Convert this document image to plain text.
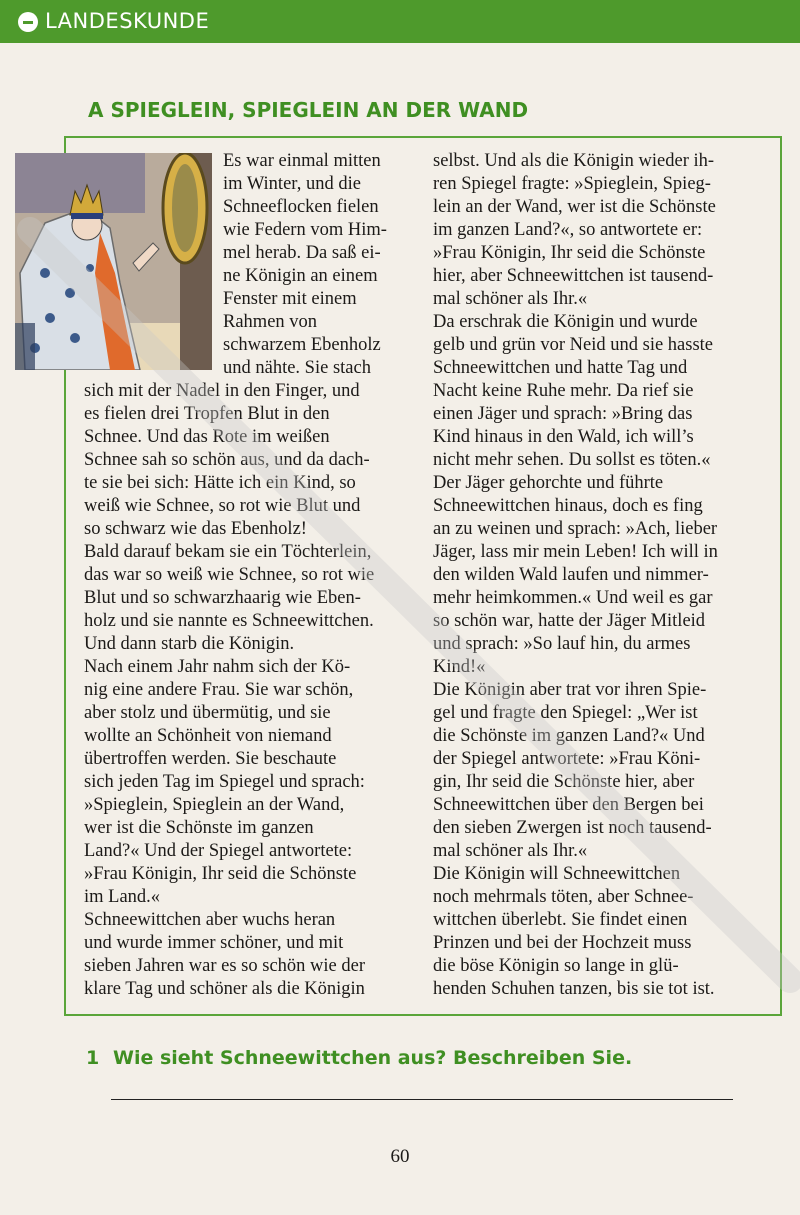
LANDESKUNDE
A SPIEGLEIN, SPIEGLEIN AN DER WAND
Es war einmal mitten
im Winter, und die
Schneeflocken fielen
wie Federn vom Him-
mel herab. Da saß ei-
ne Königin an einem
Fenster mit einem
Rahmen von
schwarzem Ebenholz
und nähte. Sie stach
sich mit der Nadel in den Finger, und
es fielen drei Tropfen Blut in den
Schnee. Und das Rote im weißen
Schnee sah so schön aus, und da dach-
te sie bei sich: Hätte ich ein Kind, so
weiß wie Schnee, so rot wie Blut und
so schwarz wie das Ebenholz!
Bald darauf bekam sie ein Töchterlein,
das war so weiß wie Schnee, so rot wie
Blut und so schwarzhaarig wie Eben-
holz und sie nannte es Schneewittchen.
Und dann starb die Königin.
Nach einem Jahr nahm sich der Kö-
nig eine andere Frau. Sie war schön,
aber stolz und übermütig, und sie
wollte an Schönheit von niemand
übertroffen werden. Sie beschaute
sich jeden Tag im Spiegel und sprach:
»Spieglein, Spieglein an der Wand,
wer ist die Schönste im ganzen
Land?« Und der Spiegel antwortete:
»Frau Königin, Ihr seid die Schönste
im Land.«
Schneewittchen aber wuchs heran
und wurde immer schöner, und mit
sieben Jahren war es so schön wie der
klare Tag und schöner als die Königin
selbst. Und als die Königin wieder ih-
ren Spiegel fragte: »Spieglein, Spieg-
lein an der Wand, wer ist die Schönste
im ganzen Land?«, so antwortete er:
»Frau Königin, Ihr seid die Schönste
hier, aber Schneewittchen ist tausend-
mal schöner als Ihr.«
Da erschrak die Königin und wurde
gelb und grün vor Neid und sie hasste
Schneewittchen und hatte Tag und
Nacht keine Ruhe mehr. Da rief sie
einen Jäger und sprach: »Bring das
Kind hinaus in den Wald, ich will’s
nicht mehr sehen. Du sollst es töten.«
Der Jäger gehorchte und führte
Schneewittchen hinaus, doch es fing
an zu weinen und sprach: »Ach, lieber
Jäger, lass mir mein Leben! Ich will in
den wilden Wald laufen und nimmer-
mehr heimkommen.« Und weil es gar
so schön war, hatte der Jäger Mitleid
und sprach: »So lauf hin, du armes
Kind!«
Die Königin aber trat vor ihren Spie-
gel und fragte den Spiegel: „Wer ist
die Schönste im ganzen Land?« Und
der Spiegel antwortete: »Frau Köni-
gin, Ihr seid die Schönste hier, aber
Schneewittchen über den Bergen bei
den sieben Zwergen ist noch tausend-
mal schöner als Ihr.«
Die Königin will Schneewittchen
noch mehrmals töten, aber Schnee-
wittchen überlebt. Sie findet einen
Prinzen und bei der Hochzeit muss
die böse Königin so lange in glü-
henden Schuhen tanzen, bis sie tot ist.
1 Wie sieht Schneewittchen aus? Beschreiben Sie.
60
